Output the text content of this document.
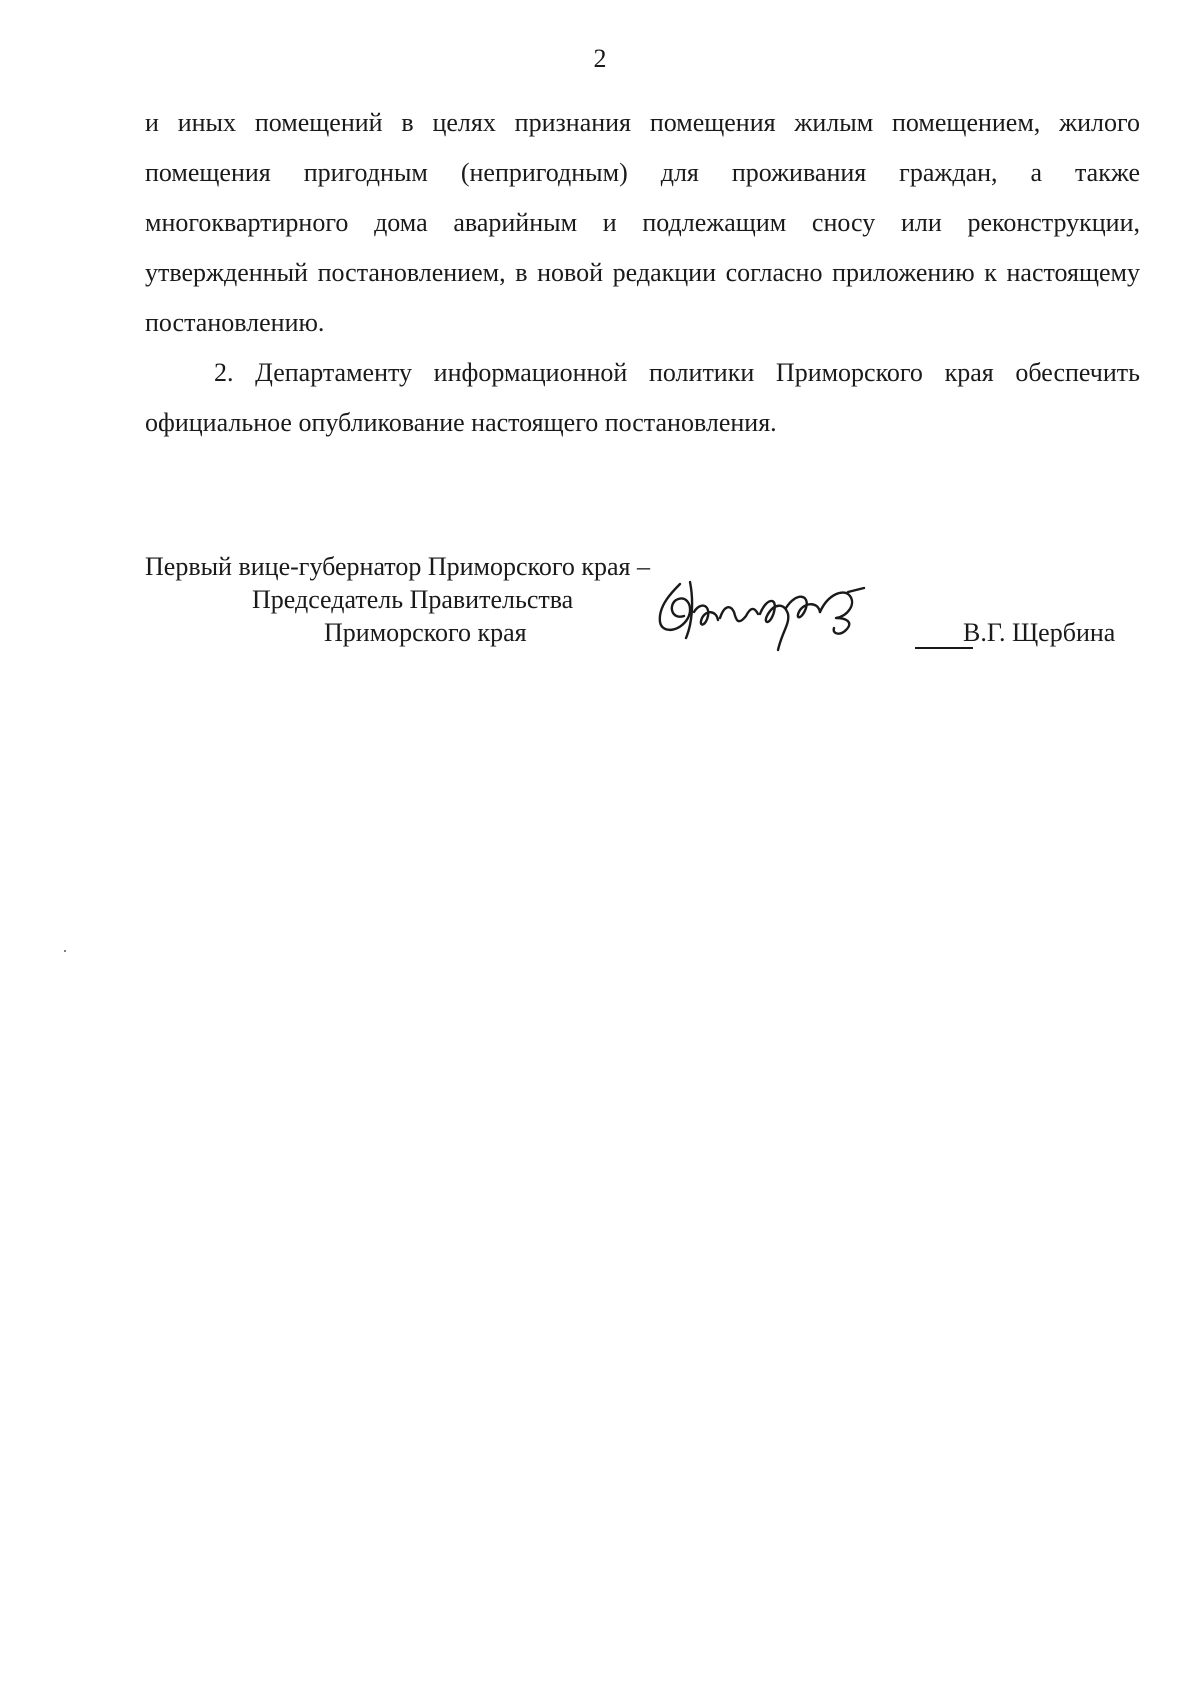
2

и иных помещений в целях признания помещения жилым помещением, жилого помещения пригодным (непригодным) для проживания граждан, а также многоквартирного дома аварийным и подлежащим сносу или реконструкции, утвержденный постановлением, в новой редакции согласно приложению к настоящему постановлению.

2. Департаменту информационной политики Приморского края обеспечить официальное опубликование настоящего постановления.

Первый вице-губернатор Приморского края –
Председатель Правительства
Приморского края	В.Г. Щербина
